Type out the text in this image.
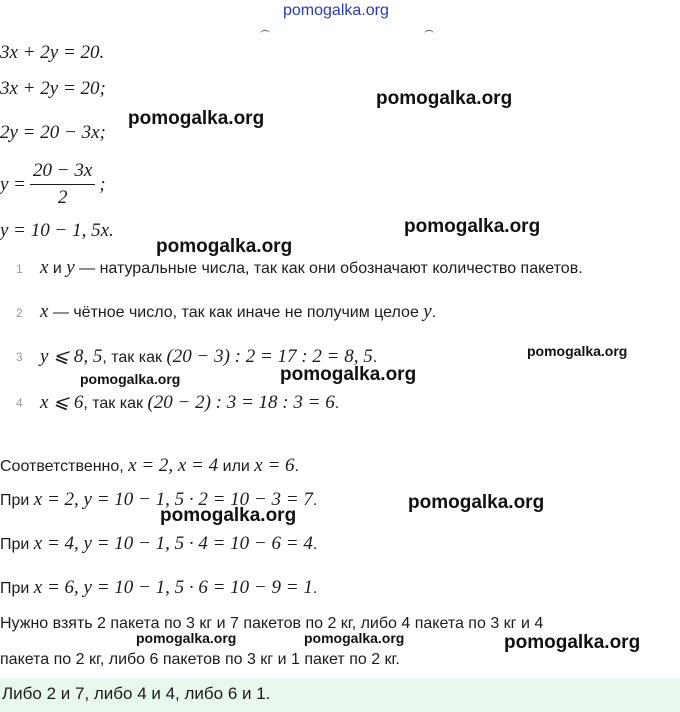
pomogalka.org
3x + 2y = 20.
3x + 2y = 20;
2y = 20 − 3x;
$y = \frac{20 - 3x}{2}$ ;
y = 10 − 1, 5x.
1 x и y — натуральные числа, так как они обозначают количество пакетов.
2 x — чётное число, так как иначе не получим целое y.
3 y ⩽ 8, 5, так как (20 − 3) : 2 = 17 : 2 = 8, 5.
4 x ⩽ 6, так как (20 − 2) : 3 = 18 : 3 = 6.
Соответственно, x = 2, x = 4 или x = 6.
При x = 2, y = 10 − 1, 5 · 2 = 10 − 3 = 7.
При x = 4, y = 10 − 1, 5 · 4 = 10 − 6 = 4.
При x = 6, y = 10 − 1, 5 · 6 = 10 − 9 = 1.
Нужно взять 2 пакета по 3 кг и 7 пакетов по 2 кг, либо 4 пакета по 3 кг и 4
пакета по 2 кг, либо 6 пакетов по 3 кг и 1 пакет по 2 кг.
Либо 2 и 7, либо 4 и 4, либо 6 и 1.
pomogalka.org
pomogalka.org
pomogalka.org
pomogalka.org
pomogalka.org
pomogalka.org	pomogalka.org
pomogalka.org
pomogalka.org
pomogalka.org	pomogalka.org	pomogalka.org
